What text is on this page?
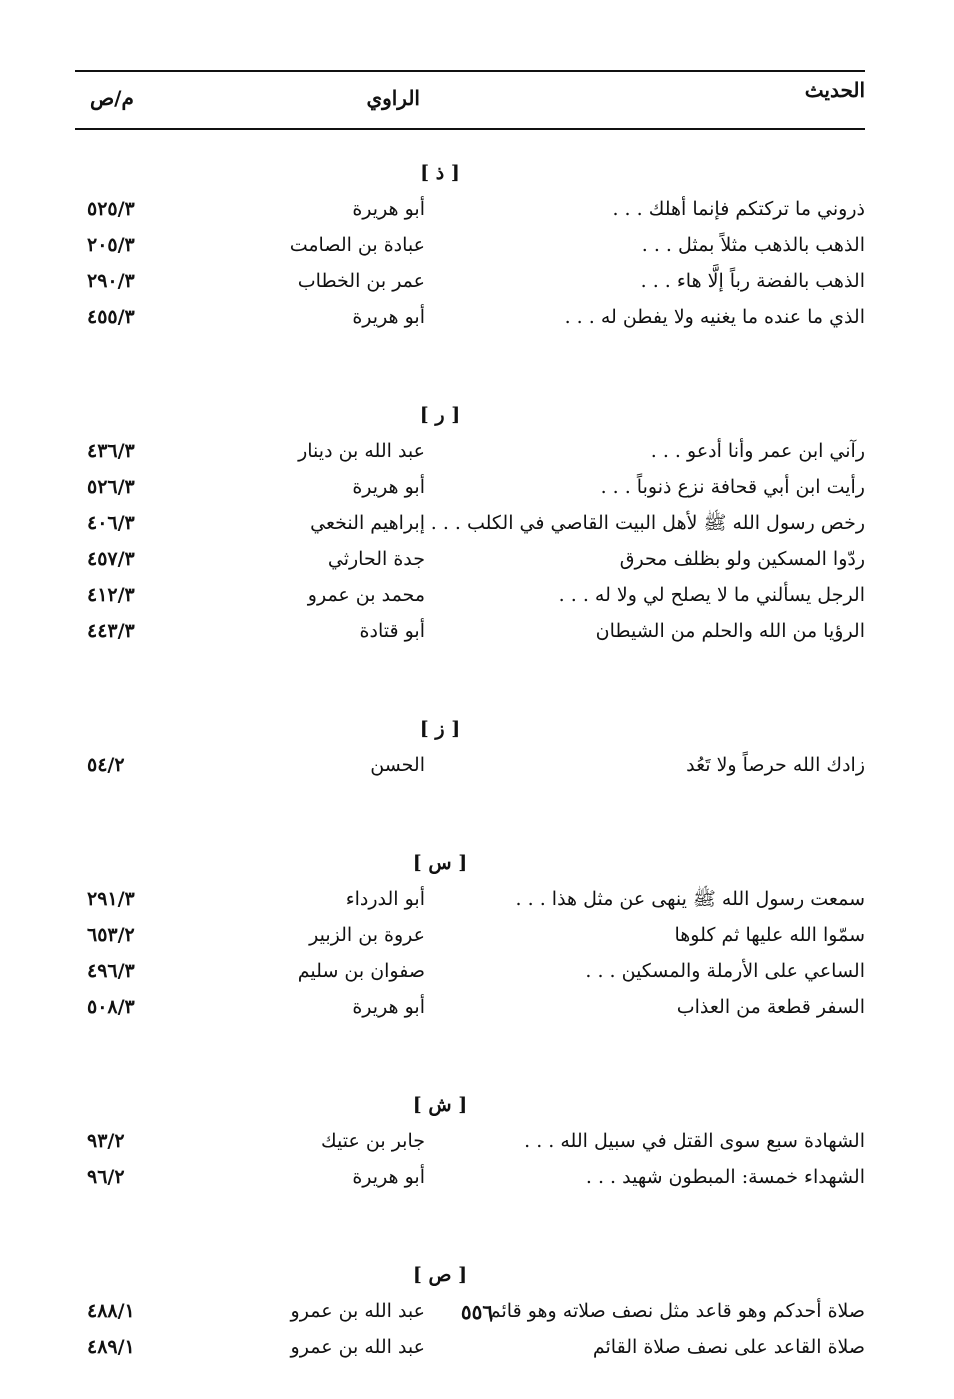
الحديث
الراوي
م/ص
[ ذ ]
ذروني ما تركتكم فإنما أهلك . . .
أبو هريرة
٥٢٥/٣
الذهب بالذهب مثلاً بمثل . . .
عبادة بن الصامت
٢٠٥/٣
الذهب بالفضة رباً إلَّا هاء . . .
عمر بن الخطاب
٢٩٠/٣
الذي ما عنده ما يغنيه ولا يفطن له . . .
أبو هريرة
٤٥٥/٣
[ ر ]
رآني ابن عمر وأنا أدعو . . .
عبد الله بن دينار
٤٣٦/٣
رأيت ابن أبي قحافة نزع ذنوباً . . .
أبو هريرة
٥٢٦/٣
رخص رسول الله ﷺ لأهل البيت القاصي في الكلب . . .
إبراهيم النخعي
٤٠٦/٣
ردّوا المسكين ولو بظلف محرق
جدة الحارثي
٤٥٧/٣
الرجل يسألني ما لا يصلح لي ولا له . . .
محمد بن عمرو
٤١٢/٣
الرؤيا من الله والحلم من الشيطان
أبو قتادة
٤٤٣/٣
[ ز ]
زادك الله حرصاً ولا تَعُد
الحسن
٥٤/٢
[ س ]
سمعت رسول الله ﷺ ينهى عن مثل هذا . . .
أبو الدرداء
٢٩١/٣
سمّوا الله عليها ثم كلوها
عروة بن الزبير
٦٥٣/٢
الساعي على الأرملة والمسكين . . .
صفوان بن سليم
٤٩٦/٣
السفر قطعة من العذاب
أبو هريرة
٥٠٨/٣
[ ش ]
الشهادة سبع سوى القتل في سبيل الله . . .
جابر بن عتيك
٩٣/٢
الشهداء خمسة: المبطون شهيد . . .
أبو هريرة
٩٦/٢
[ ص ]
صلاة أحدكم وهو قاعد مثل نصف صلاته وهو قائم
عبد الله بن عمرو
٤٨٨/١
صلاة القاعد على نصف صلاة القائم
عبد الله بن عمرو
٤٨٩/١
٥٥٦
